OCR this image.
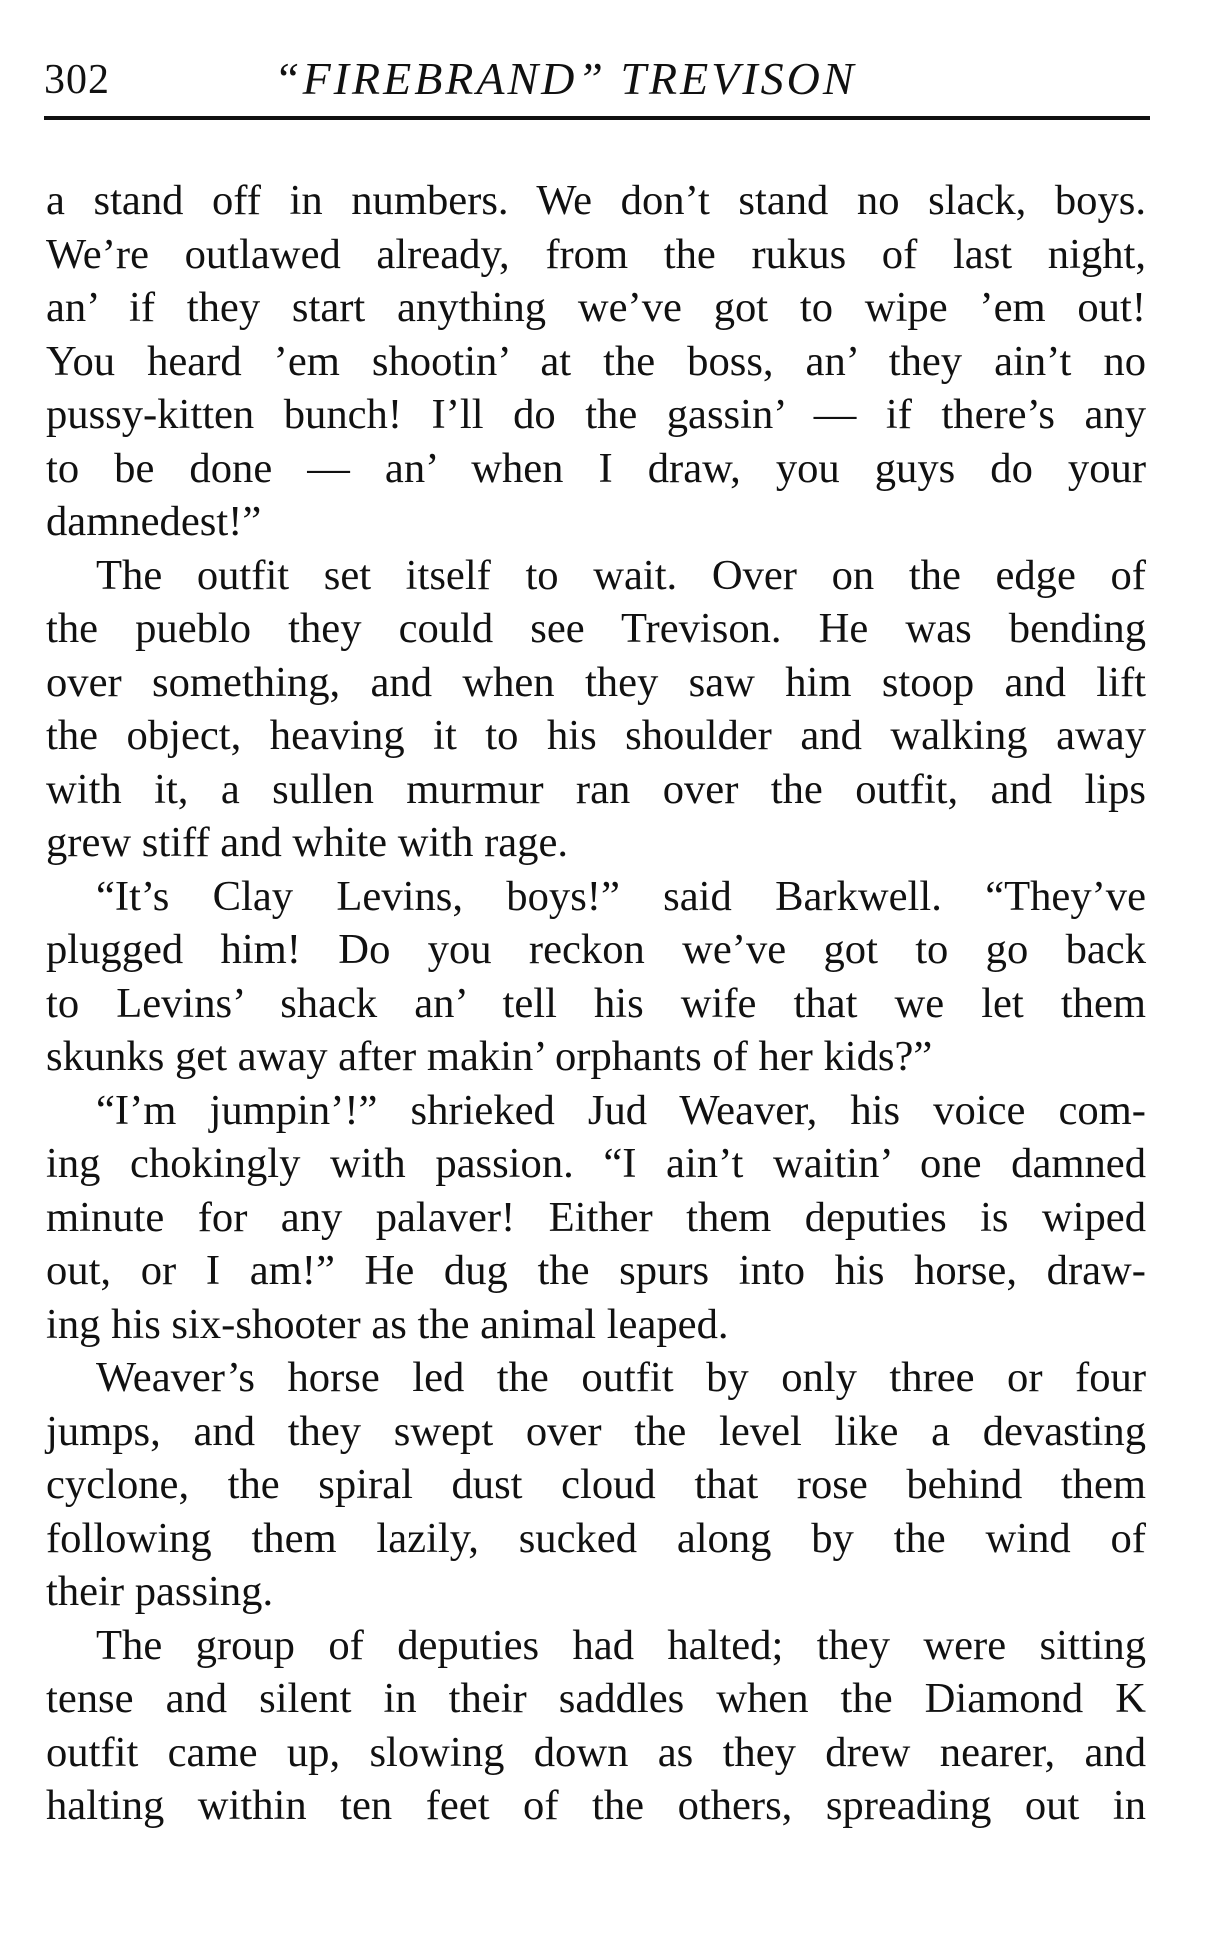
302	“FIREBRAND” TREVISON
a stand off in numbers. We don’t stand no slack, boys.
We’re outlawed already, from the rukus of last night,
an’ if they start anything we’ve got to wipe ’em out!
You heard ’em shootin’ at the boss, an’ they ain’t no
pussy-kitten bunch! I’ll do the gassin’ — if there’s any
to be done — an’ when I draw, you guys do your
damnedest!”
The outfit set itself to wait. Over on the edge of
the pueblo they could see Trevison. He was bending
over something, and when they saw him stoop and lift
the object, heaving it to his shoulder and walking away
with it, a sullen murmur ran over the outfit, and lips
grew stiff and white with rage.
“It’s Clay Levins, boys!” said Barkwell. “They’ve
plugged him! Do you reckon we’ve got to go back
to Levins’ shack an’ tell his wife that we let them
skunks get away after makin’ orphants of her kids?”
“I’m jumpin’!” shrieked Jud Weaver, his voice com-
ing chokingly with passion. “I ain’t waitin’ one damned
minute for any palaver! Either them deputies is wiped
out, or I am!” He dug the spurs into his horse, draw-
ing his six-shooter as the animal leaped.
Weaver’s horse led the outfit by only three or four
jumps, and they swept over the level like a devasting
cyclone, the spiral dust cloud that rose behind them
following them lazily, sucked along by the wind of
their passing.
The group of deputies had halted; they were sitting
tense and silent in their saddles when the Diamond K
outfit came up, slowing down as they drew nearer, and
halting within ten feet of the others, spreading out in
